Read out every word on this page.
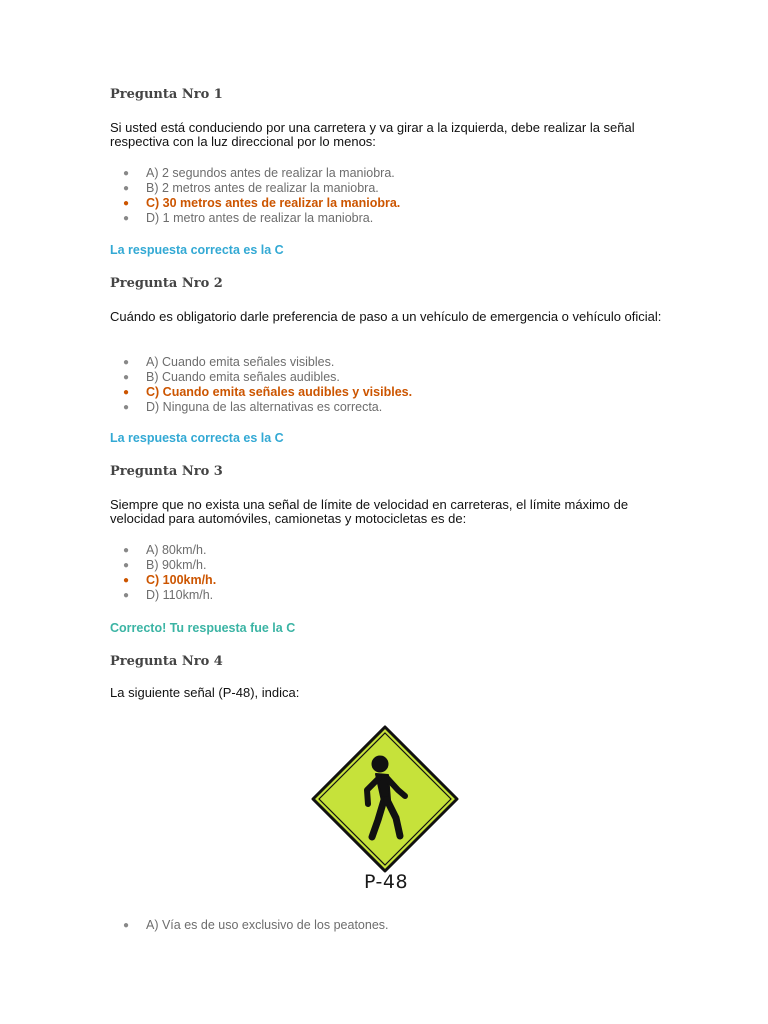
Pregunta Nro 1
Si usted está conduciendo por una carretera y va girar a la izquierda, debe realizar la señal respectiva con la luz direccional por lo menos:
● A) 2 segundos antes de realizar la maniobra.
● B) 2 metros antes de realizar la maniobra.
● C) 30 metros antes de realizar la maniobra.
● D) 1 metro antes de realizar la maniobra.
La respuesta correcta es la C
Pregunta Nro 2
Cuándo es obligatorio darle preferencia de paso a un vehículo de emergencia o vehículo oficial:
● A) Cuando emita señales visibles.
● B) Cuando emita señales audibles.
● C) Cuando emita señales audibles y visibles.
● D) Ninguna de las alternativas es correcta.
La respuesta correcta es la C
Pregunta Nro 3
Siempre que no exista una señal de límite de velocidad en carreteras, el límite máximo de velocidad para automóviles, camionetas y motocicletas es de:
● A) 80km/h.
● B) 90km/h.
● C) 100km/h.
● D) 110km/h.
Correcto! Tu respuesta fue la C
Pregunta Nro 4
La siguiente señal (P-48), indica:
P-48
● A) Vía es de uso exclusivo de los peatones.
